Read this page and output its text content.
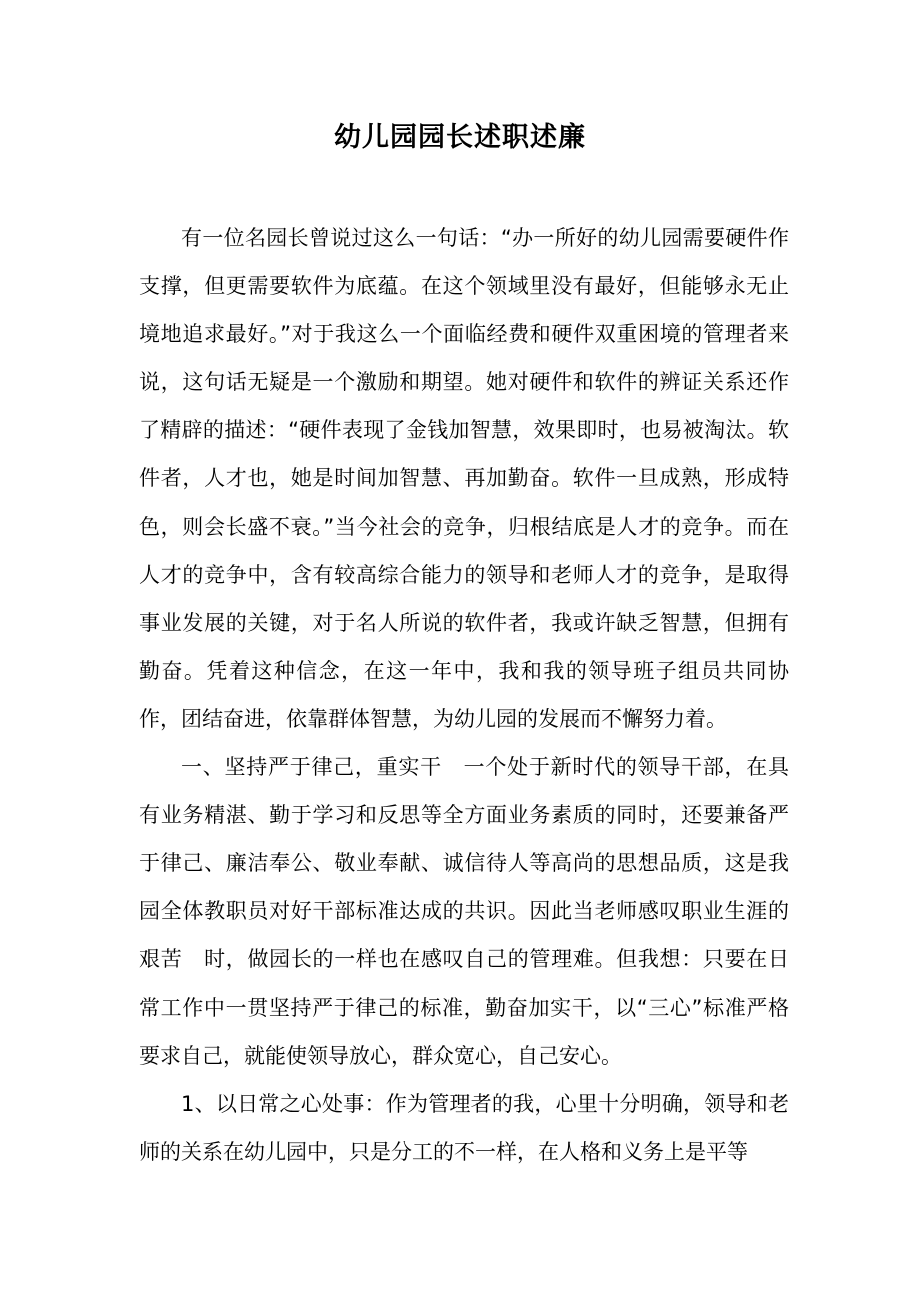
幼儿园园长述职述廉

有一位名园长曾说过这么一句话：“办一所好的幼儿园需要硬件作支撑，但更需要软件为底蕴。在这个领域里没有最好，但能够永无止境地追求最好。”对于我这么一个面临经费和硬件双重困境的管理者来说，这句话无疑是一个激励和期望。她对硬件和软件的辨证关系还作了精辟的描述：“硬件表现了金钱加智慧，效果即时，也易被淘汰。软件者，人才也，她是时间加智慧、再加勤奋。软件一旦成熟，形成特色，则会长盛不衰。”当今社会的竞争，归根结底是人才的竞争。而在人才的竞争中，含有较高综合能力的领导和老师人才的竞争，是取得事业发展的关键，对于名人所说的软件者，我或许缺乏智慧，但拥有勤奋。凭着这种信念，在这一年中，我和我的领导班子组员共同协作，团结奋进，依靠群体智慧，为幼儿园的发展而不懈努力着。

一、坚持严于律己，重实干　一个处于新时代的领导干部，在具有业务精湛、勤于学习和反思等全方面业务素质的同时，还要兼备严于律己、廉洁奉公、敬业奉献、诚信待人等高尚的思想品质，这是我园全体教职员对好干部标准达成的共识。因此当老师感叹职业生涯的艰苦　时，做园长的一样也在感叹自己的管理难。但我想：只要在日常工作中一贯坚持严于律己的标准，勤奋加实干，以“三心”标准严格要求自己，就能使领导放心，群众宽心，自己安心。

1、以日常之心处事：作为管理者的我，心里十分明确，领导和老师的关系在幼儿园中，只是分工的不一样，在人格和义务上是平等
